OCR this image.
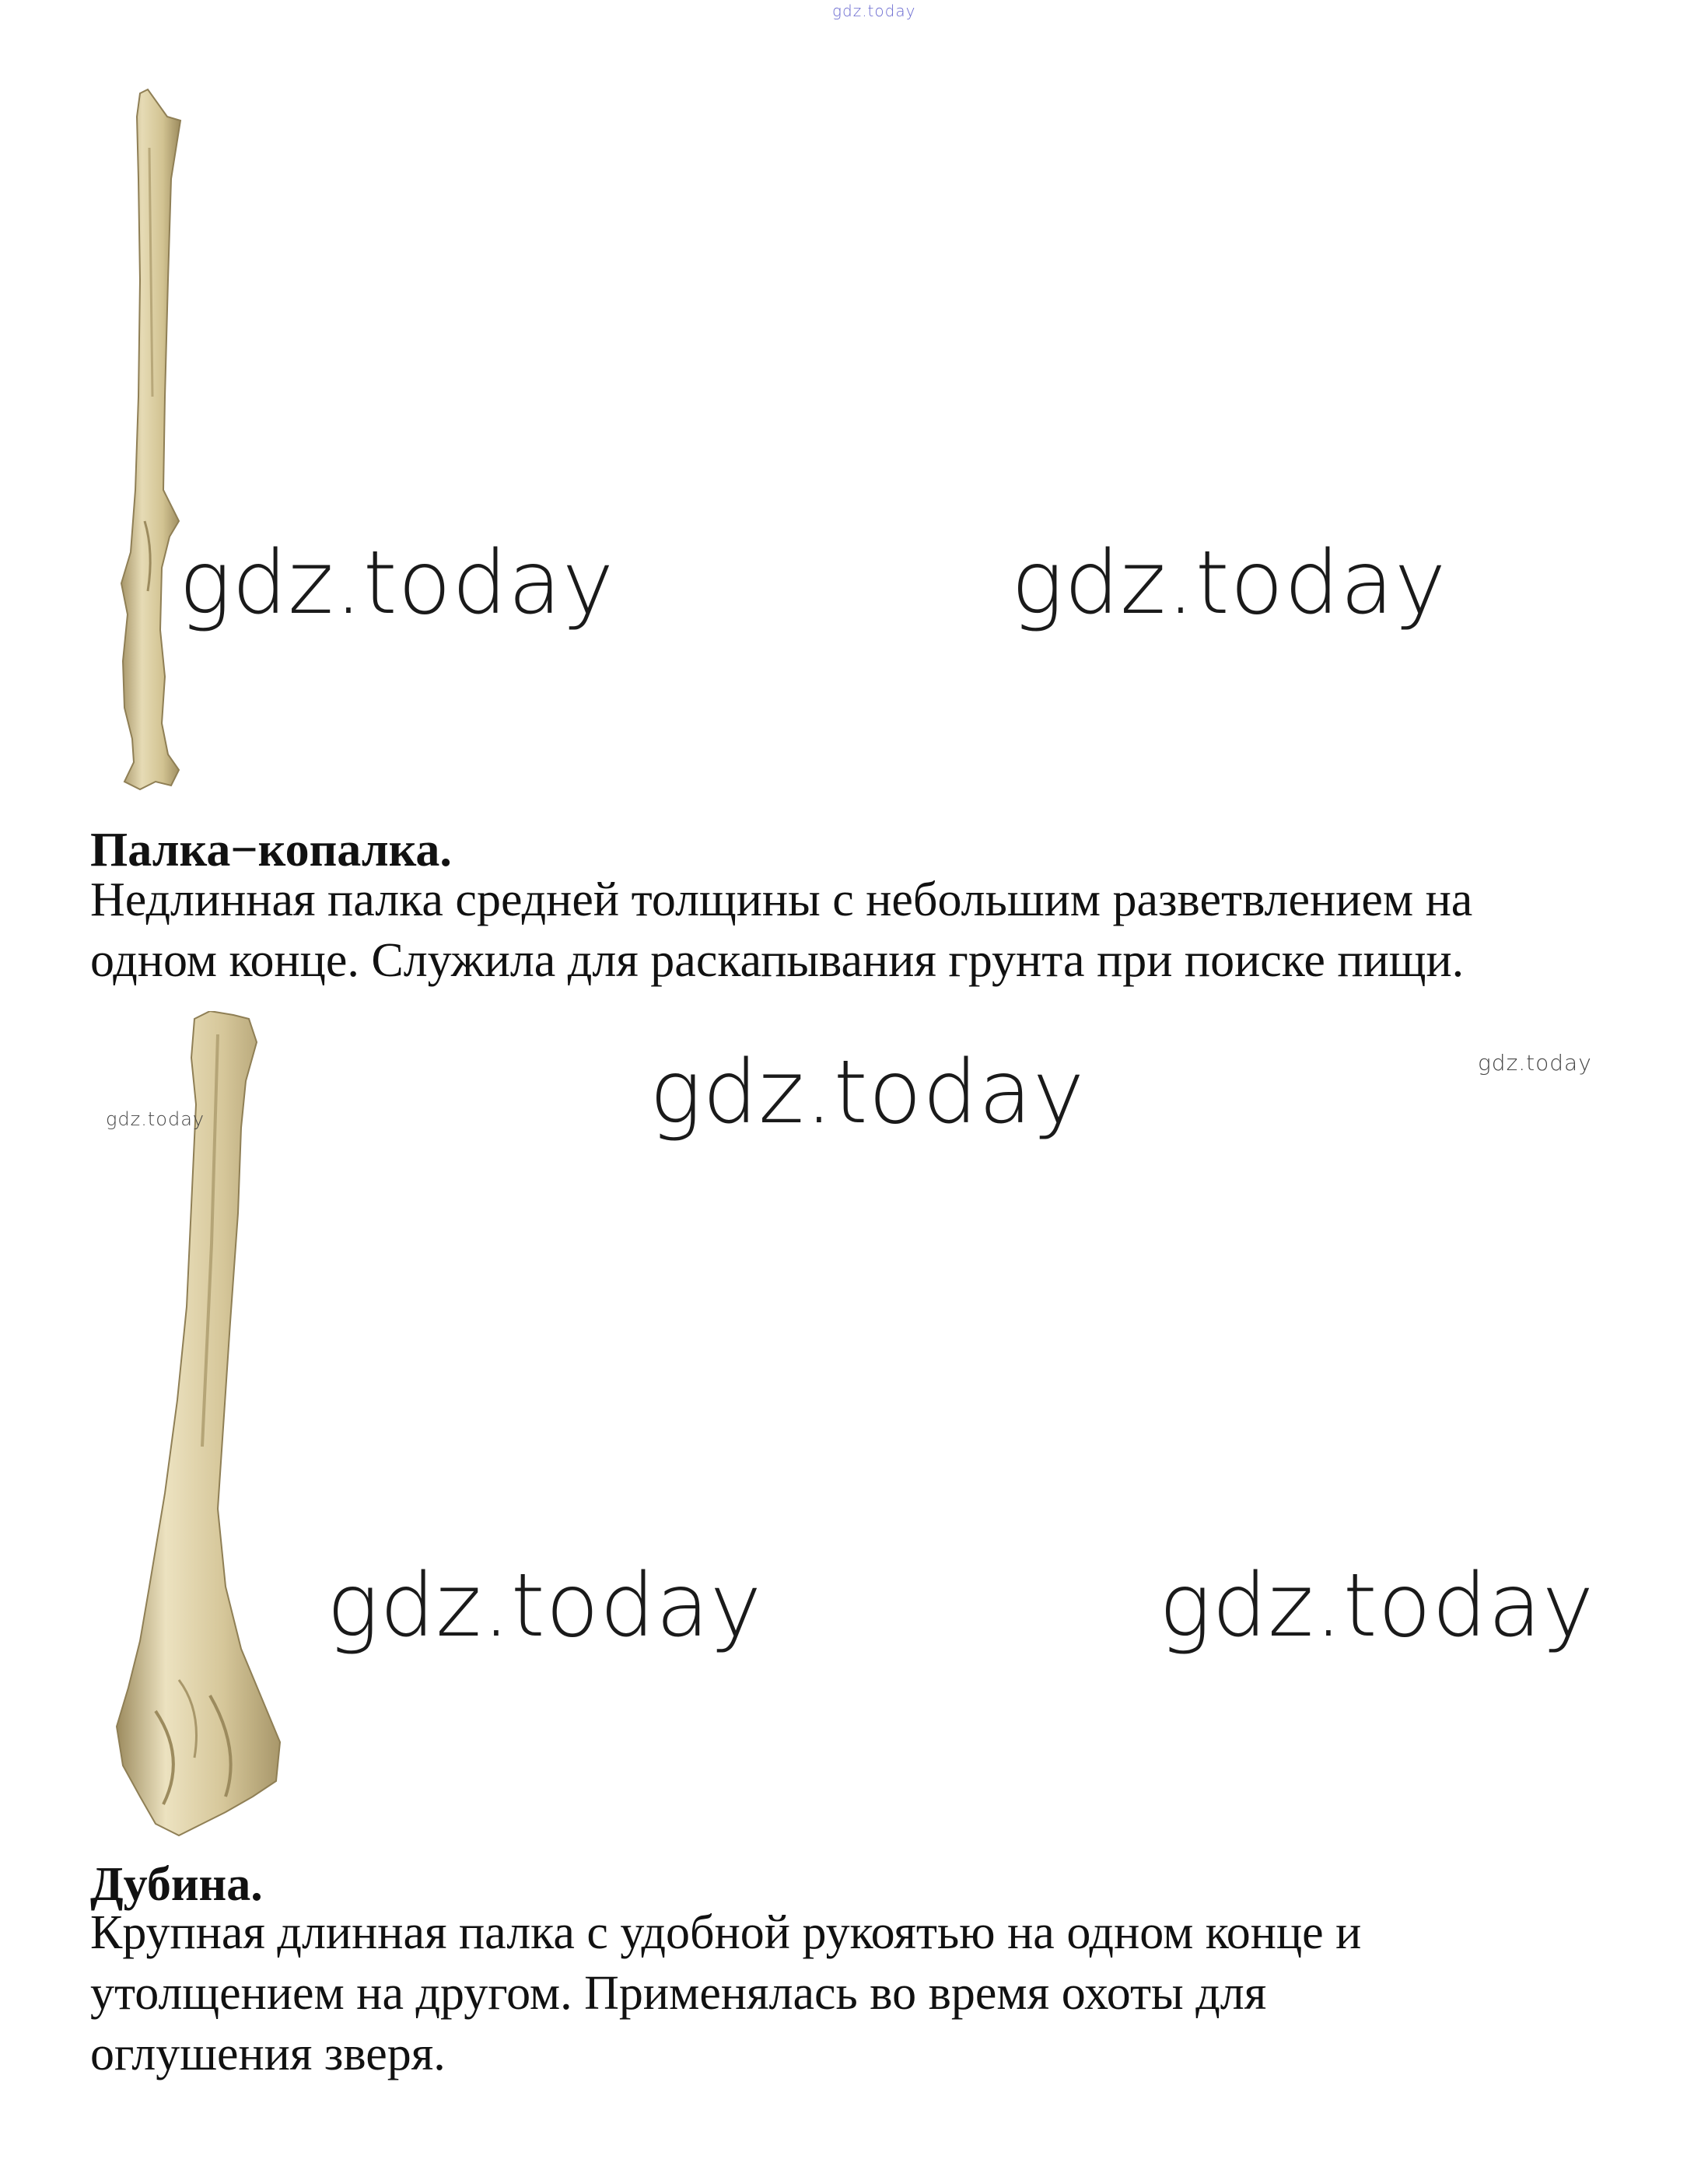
gdz.today
gdz.today	gdz.today
Палка−копалка.
Недлинная палка средней толщины с небольшим разветвлением на
одном конце. Служила для раскапывания грунта при поиске пищи.
gdz.today	gdz.today
gdz.today
gdz.today	gdz.today
Дубина.
Крупная длинная палка с удобной рукоятью на одном конце и
утолщением на другом. Применялась во время охоты для
оглушения зверя.
